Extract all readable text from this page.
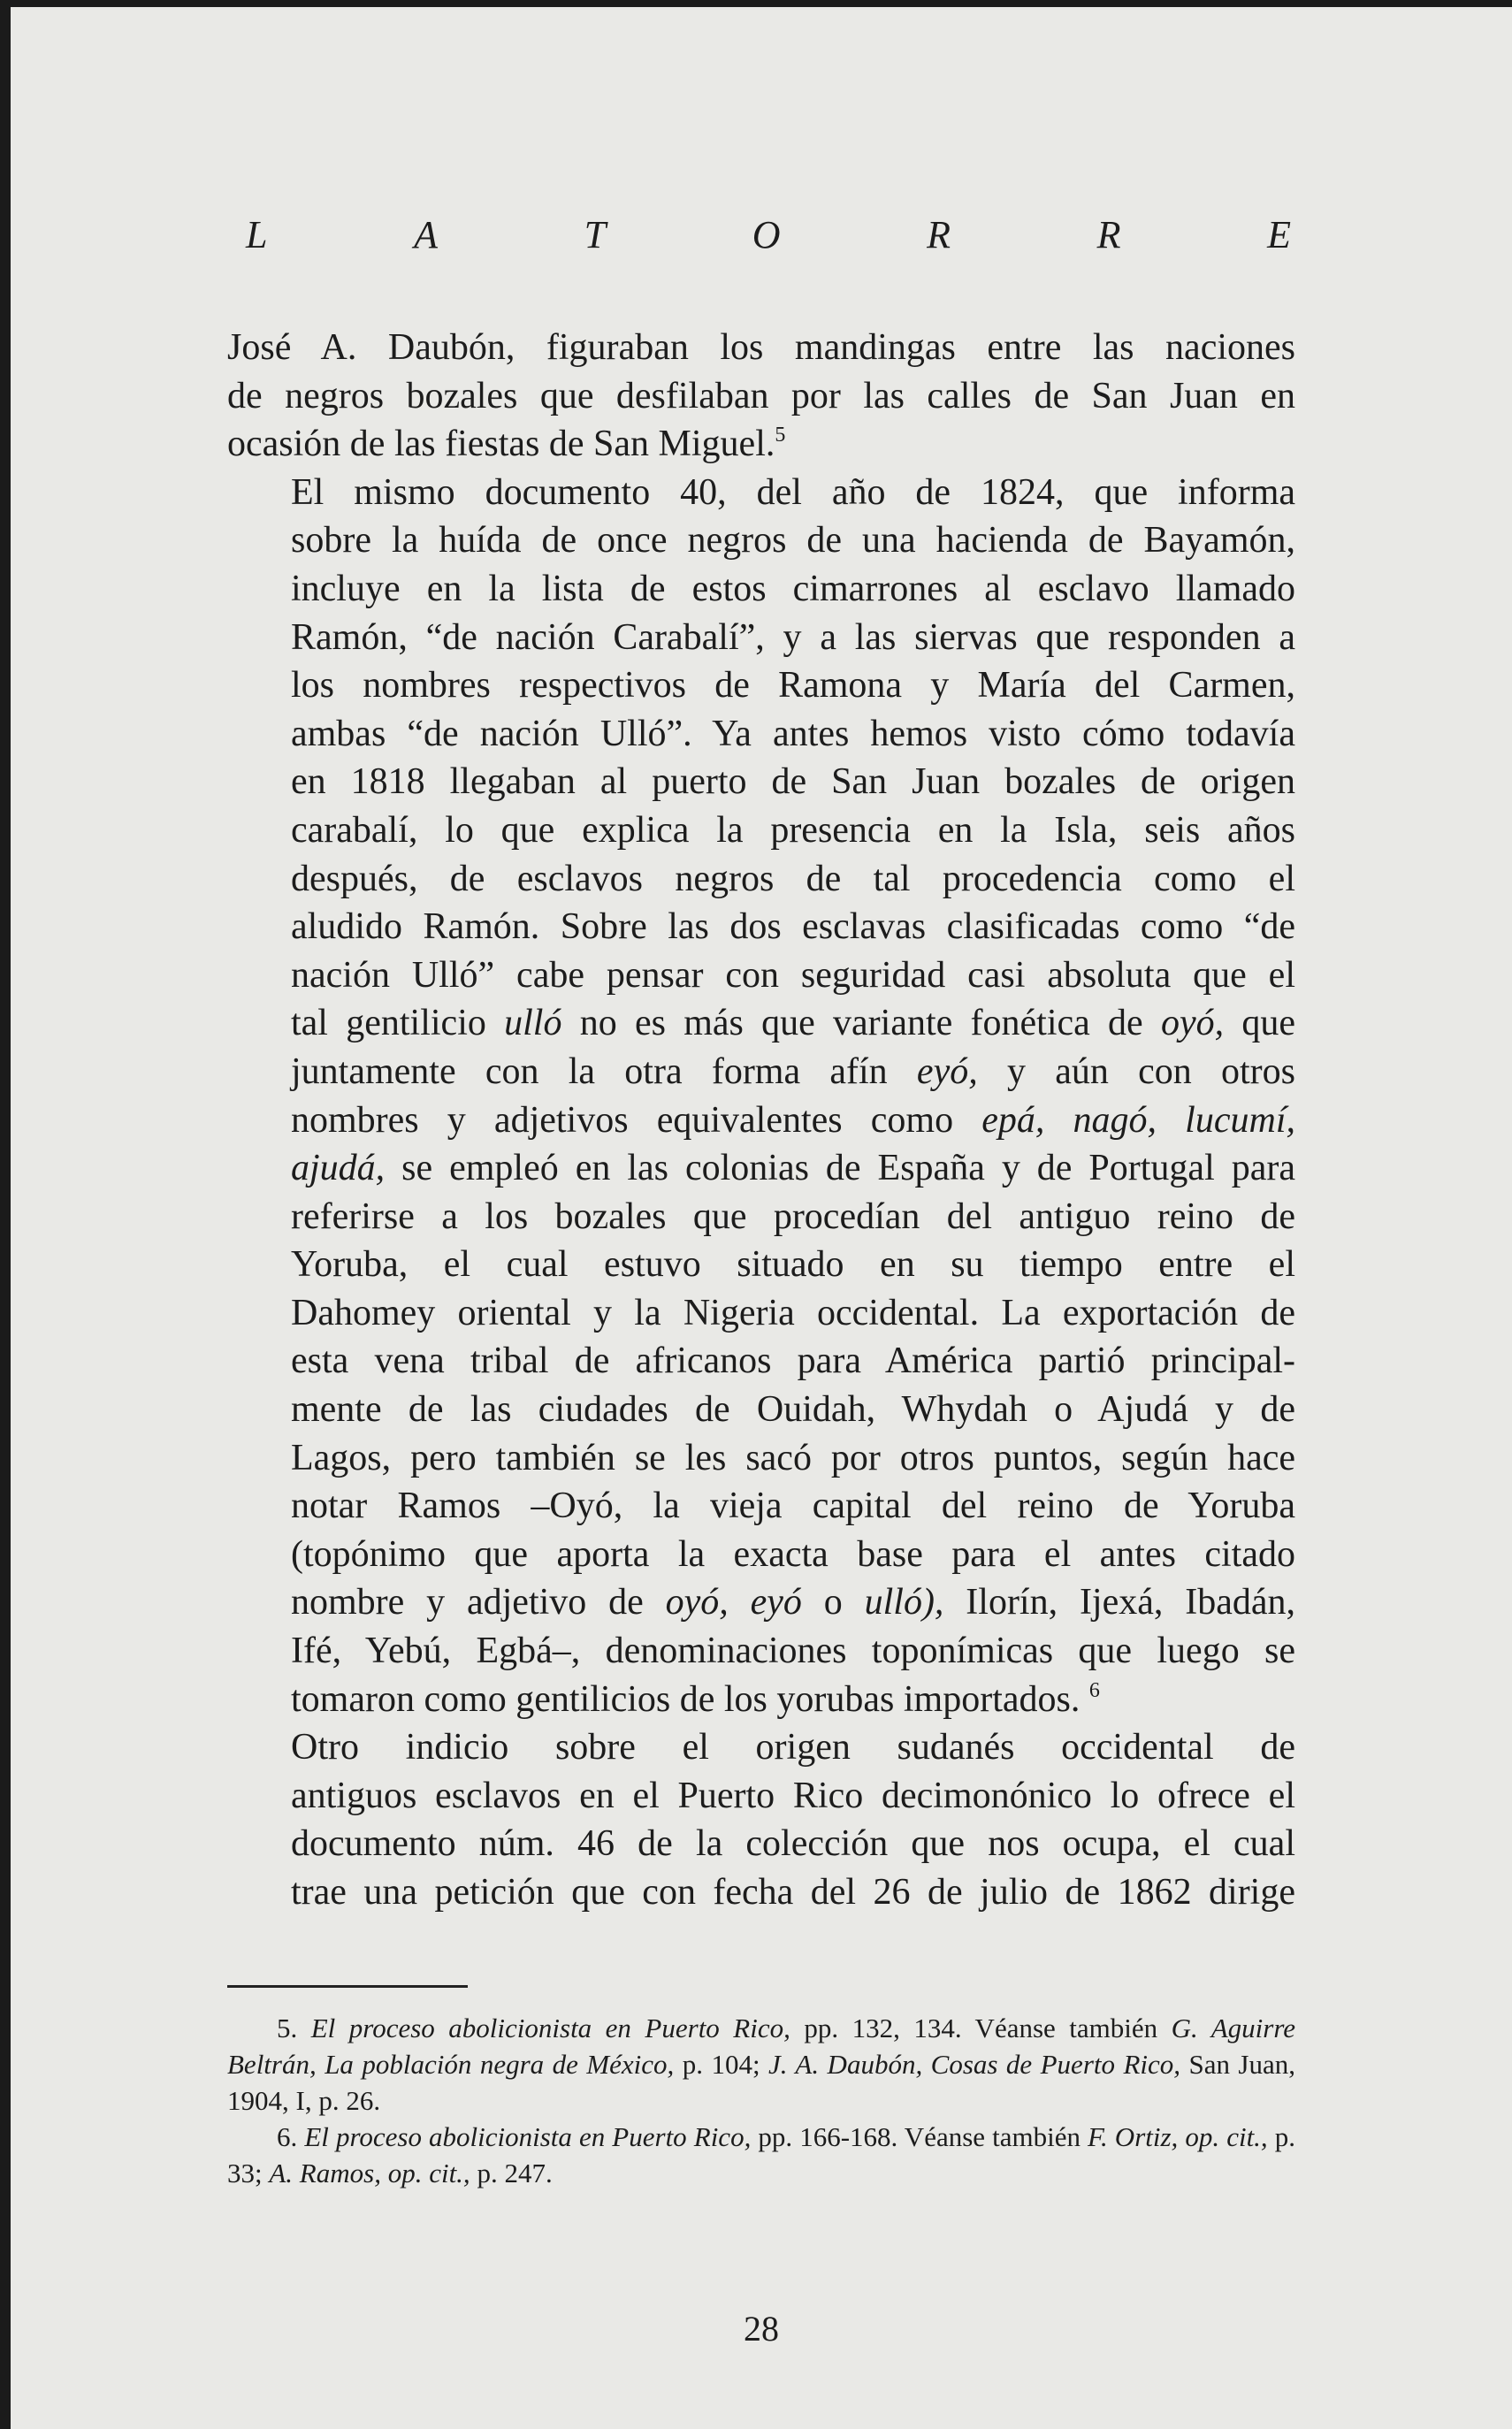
L	A	T	O	R	R	E

José A. Daubón, figuraban los mandingas entre las naciones
de negros bozales que desfilaban por las calles de San Juan en
ocasión de las fiestas de San Miguel.$^5$

El mismo documento 40, del año de 1824, que informa
sobre la huída de once negros de una hacienda de Bayamón,
incluye en la lista de estos cimarrones al esclavo llamado
Ramón, “de nación Carabalí”, y a las siervas que responden a
los nombres respectivos de Ramona y María del Carmen,
ambas “de nación Ulló”. Ya antes hemos visto cómo todavía
en 1818 llegaban al puerto de San Juan bozales de origen
carabalí, lo que explica la presencia en la Isla, seis años
después, de esclavos negros de tal procedencia como el
aludido Ramón. Sobre las dos esclavas clasificadas como “de
nación Ulló” cabe pensar con seguridad casi absoluta que el
tal gentilicio ulló no es más que variante fonética de oyó, que
juntamente con la otra forma afín eyó, y aún con otros
nombres y adjetivos equivalentes como epá, nagó, lucumí,
ajudá, se empleó en las colonias de España y de Portugal para
referirse a los bozales que procedían del antiguo reino de
Yoruba, el cual estuvo situado en su tiempo entre el
Dahomey oriental y la Nigeria occidental. La exportación de
esta vena tribal de africanos para América partió principal-
mente de las ciudades de Ouidah, Whydah o Ajudá y de
Lagos, pero también se les sacó por otros puntos, según hace
notar Ramos –Oyó, la vieja capital del reino de Yoruba
(topónimo que aporta la exacta base para el antes citado
nombre y adjetivo de oyó, eyó o ulló), Ilorín, Ijexá, Ibadán,
Ifé, Yebú, Egbá–, denominaciones toponímicas que luego se
tomaron como gentilicios de los yorubas importados. $^6$

Otro indicio sobre el origen sudanés occidental de
antiguos esclavos en el Puerto Rico decimonónico lo ofrece el
documento núm. 46 de la colección que nos ocupa, el cual
trae una petición que con fecha del 26 de julio de 1862 dirige

5. El proceso abolicionista en Puerto Rico, pp. 132, 134. Véanse también G. Aguirre Beltrán, La población negra de México, p. 104; J. A. Daubón, Cosas de Puerto Rico, San Juan, 1904, I, p. 26.

6. El proceso abolicionista en Puerto Rico, pp. 166-168. Véanse también F. Ortiz, op. cit., p. 33; A. Ramos, op. cit., p. 247.

28
